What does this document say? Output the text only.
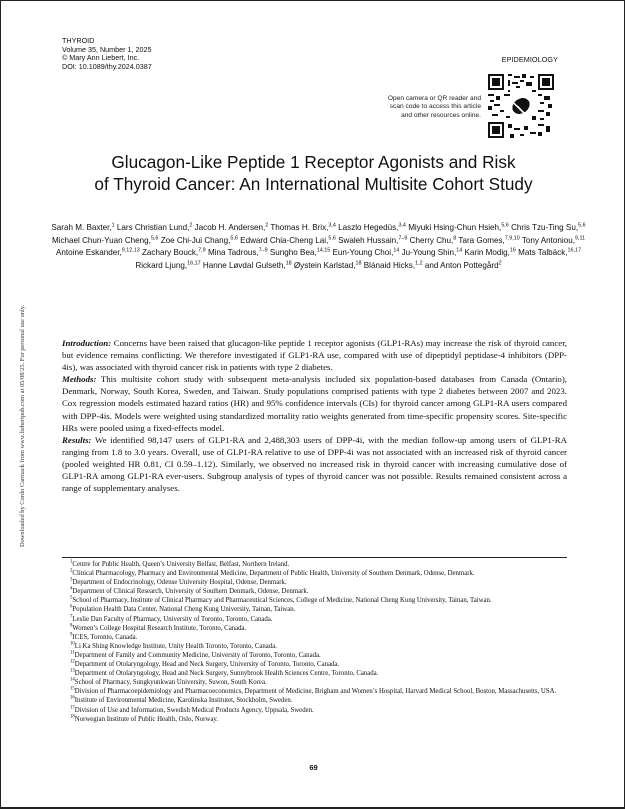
THYROID
Volume 35, Number 1, 2025
© Mary Ann Liebert, Inc.
DOI: 10.1089/thy.2024.0387
EPIDEMIOLOGY
Open camera or QR reader and
scan code to access this article
and other resources online.
Glucagon-Like Peptide 1 Receptor Agonists and Risk
of Thyroid Cancer: An International Multisite Cohort Study
Sarah M. Baxter,$^1$ Lars Christian Lund,$^2$ Jacob H. Andersen,$^2$ Thomas H. Brix,$^{3,4}$ Laszlo Hegedüs,$^{3,4}$ Miyuki Hsing-Chun Hsieh,$^{5,6}$ Chris Tzu-Ting Su,$^{5,6}$ Michael Chun-Yuan Cheng,$^{5,6}$ Zoe Chi-Jui Chang,$^{5,6}$ Edward Chia-Cheng Lai,$^{5,6}$ Swaleh Hussain,$^{7-9}$ Cherry Chu,$^8$ Tara Gomes,$^{7,9,10}$ Tony Antoniou,$^{9,11}$ Antoine Eskander,$^{9,12,13}$ Zachary Bouck,$^{7,9}$ Mina Tadrous,$^{7-9}$ Sungho Bea,$^{14,15}$ Eun-Young Choi,$^{14}$ Ju-Young Shin,$^{14}$ Karin Modig,$^{16}$ Mats Talbäck,$^{16,17}$ Rickard Ljung,$^{16,17}$ Hanne Løvdal Gulseth,$^{18}$ Øystein Karlstad,$^{18}$ Blánaid Hicks,$^{1,2}$ and Anton Pottegård$^2$

Introduction: Concerns have been raised that glucagon-like peptide 1 receptor agonists (GLP1-RAs) may increase the risk of thyroid cancer, but evidence remains conflicting. We therefore investigated if GLP1-RA use, compared with use of dipeptidyl peptidase-4 inhibitors (DPP-4is), was associated with thyroid cancer risk in patients with type 2 diabetes.

Methods: This multisite cohort study with subsequent meta-analysis included six population-based databases from Canada (Ontario), Denmark, Norway, South Korea, Sweden, and Taiwan. Study populations comprised patients with type 2 diabetes between 2007 and 2023. Cox regression models estimated hazard ratios (HR) and 95% confidence intervals (CIs) for thyroid cancer among GLP1-RA users compared with DPP-4is. Models were weighted using standardized mortality ratio weights generated from time-specific propensity scores. Site-specific HRs were pooled using a fixed-effects model.

Results: We identified 98,147 users of GLP1-RA and 2,488,303 users of DPP-4i, with the median follow-up among users of GLP1-RA ranging from 1.8 to 3.0 years. Overall, use of GLP1-RA relative to use of DPP-4i was not associated with an increased risk of thyroid cancer (pooled weighted HR 0.81, CI 0.59–1.12). Similarly, we observed no increased risk in thyroid cancer with increasing cumulative dose of GLP1-RA among GLP1-RA ever-users. Subgroup analysis of types of thyroid cancer was not possible. Results remained consistent across a range of supplementary analyses.

$^1$Centre for Public Health, Queen’s University Belfast, Belfast, Northern Ireland.

$^2$Clinical Pharmacology, Pharmacy and Environmental Medicine, Department of Public Health, University of Southern Denmark, Odense, Denmark.

$^3$Department of Endocrinology, Odense University Hospital, Odense, Denmark.

$^4$Department of Clinical Research, University of Southern Denmark, Odense, Denmark.

$^5$School of Pharmacy, Institute of Clinical Pharmacy and Pharmaceutical Sciences, College of Medicine, National Cheng Kung University, Tainan, Taiwan.

$^6$Population Health Data Center, National Cheng Kung University, Tainan, Taiwan.

$^7$Leslie Dan Faculty of Pharmacy, University of Toronto, Toronto, Canada.

$^8$Women’s College Hospital Research Institute, Toronto, Canada.

$^9$ICES, Toronto, Canada.

$^{10}$Li Ka Shing Knowledge Institute, Unity Health Toronto, Toronto, Canada.

$^{11}$Department of Family and Community Medicine, University of Toronto, Toronto, Canada.

$^{12}$Department of Otolaryngology, Head and Neck Surgery, University of Toronto, Toronto, Canada.

$^{13}$Department of Otolaryngology, Head and Neck Surgery, Sunnybrook Health Sciences Centre, Toronto, Canada.

$^{14}$School of Pharmacy, Sungkyunkwan University, Suwon, South Korea.

$^{15}$Division of Pharmacoepidemiology and Pharmacoeconomics, Department of Medicine, Brigham and Women’s Hospital, Harvard Medical School, Boston, Massachusetts, USA.

$^{16}$Institute of Environmental Medicine, Karolinska Institutet, Stockholm, Sweden.

$^{17}$Division of Use and Information, Swedish Medical Products Agency, Uppsala, Sweden.

$^{18}$Norwegian Institute of Public Health, Oslo, Norway.

69
Downloaded by Cordo Carmack from www.liebertpub.com at 05/08/25. For personal use only.
